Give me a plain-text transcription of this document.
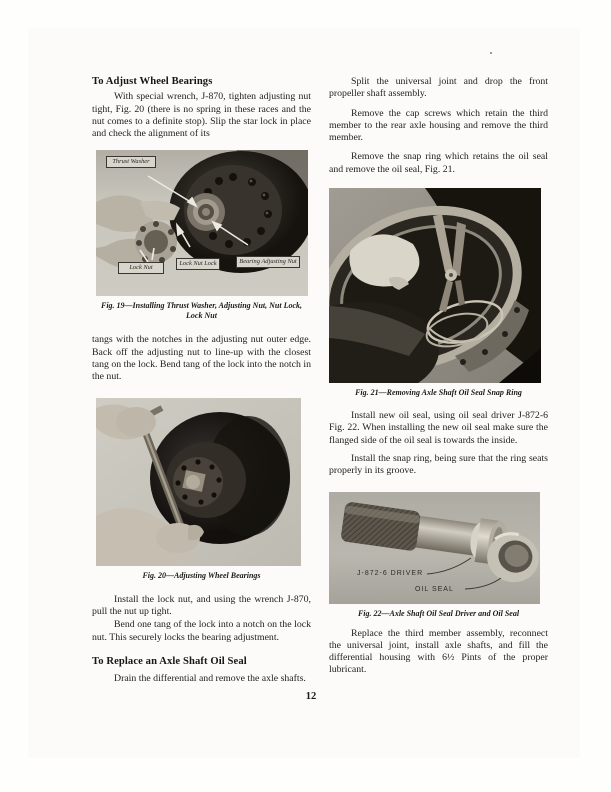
To Adjust Wheel Bearings

With special wrench, J-870, tighten adjusting nut tight, Fig. 20 (there is no spring in these races and the nut comes to a definite stop). Slip the star lock in place and check the alignment of its

Thrust Washer
Lock Nut
Lock Nut Lock	Bearing Adjusting Nut

Fig. 19—Installing Thrust Washer, Adjusting Nut, Nut Lock, Lock Nut

tangs with the notches in the adjusting nut outer edge. Back off the adjusting nut to line-up with the closest tang on the lock. Bend tang of the lock into the notch in the nut.

Fig. 20—Adjusting Wheel Bearings

Install the lock nut, and using the wrench J-870, pull the nut up tight.

Bend one tang of the lock into a notch on the lock nut. This securely locks the bearing adjustment.

To Replace an Axle Shaft Oil Seal

Drain the differential and remove the axle shafts.

Split the universal joint and drop the front propeller shaft assembly.

Remove the cap screws which retain the third member to the rear axle housing and remove the third member.

Remove the snap ring which retains the oil seal and remove the oil seal, Fig. 21.

Fig. 21—Removing Axle Shaft Oil Seal Snap Ring

Install new oil seal, using oil seal driver J-872-6 Fig. 22. When installing the new oil seal make sure the flanged side of the oil seal is towards the inside.

Install the snap ring, being sure that the ring seats properly in its groove.

J-872-6 DRIVER
OIL SEAL

Fig. 22—Axle Shaft Oil Seal Driver and Oil Seal

Replace the third member assembly, reconnect the universal joint, install axle shafts, and fill the differential housing with 6½ Pints of the proper lubricant.

12
